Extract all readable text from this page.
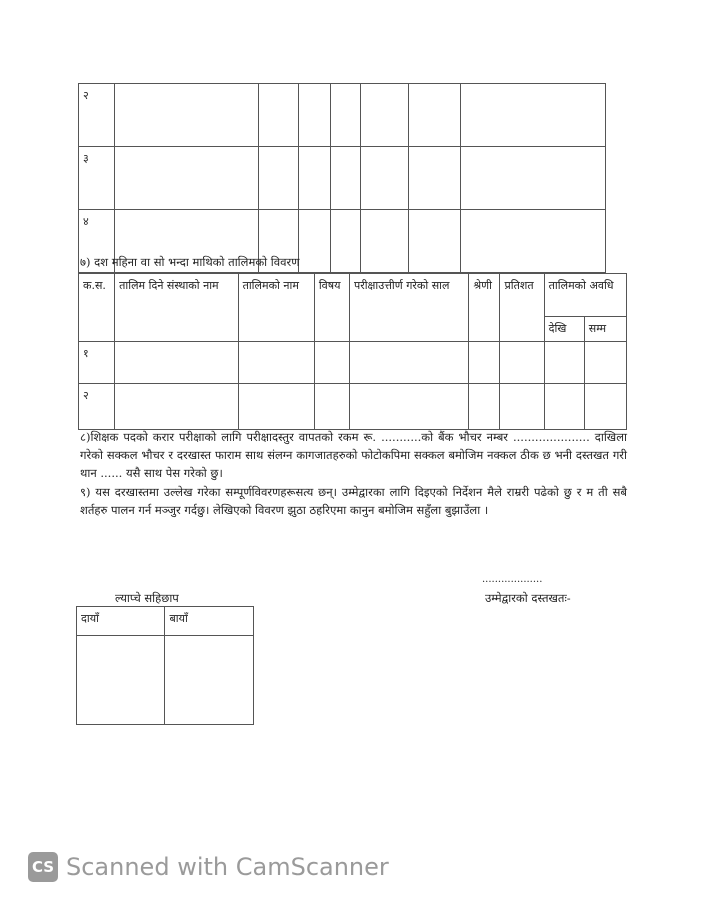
२							
३							
४							
७) दश महिना वा सो भन्दा माथिको तालिमको विवरण
क.स.	तालिम दिने संस्थाको नाम	तालिमको नाम	विषय	परीक्षाउत्तीर्ण गरेको साल	श्रेणी	प्रतिशत	तालिमको अवधि	
							देखि	सम्म
१								
२								
८)शिक्षक पदको करार परीक्षाको लागि परीक्षादस्तुर वापतको रकम रू. ...........को बैंक भौचर नम्बर ..................... दाखिला गरेको सक्कल भौचर र दरखास्त फाराम साथ संलग्न कागजातहरुको फोटोकपिमा सक्कल बमोजिम नक्कल ठीक छ भनी दस्तखत गरी थान ...... यसै साथ पेस गरेको छु।
९) यस दरखास्तमा उल्लेख गरेका सम्पूर्णविवरणहरूसत्य छन्। उम्मेद्वारका लागि दिइएको निर्देशन मैले राम्ररी पढेको छु र म ती सबै शर्तहरु पालन गर्न मञ्जुर गर्दछु। लेखिएको विवरण झुठा ठहरिएमा कानुन बमोजिम सहुँला बुझाउँला ।
...................
उम्मेद्वारको दस्तखतः-
ल्याप्चे सहिछाप
दायाँ	बायाँ

CS Scanned with CamScanner
